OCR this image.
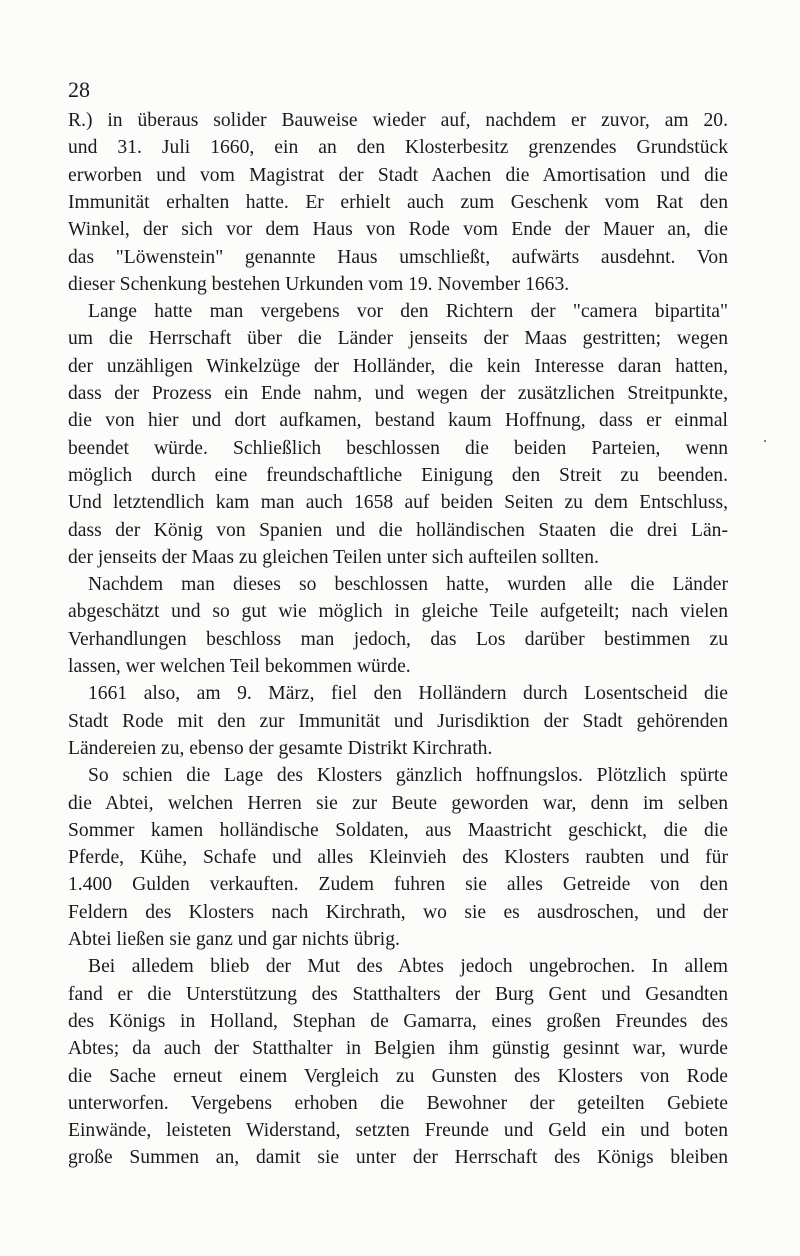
28
R.) in überaus solider Bauweise wieder auf, nachdem er zuvor, am 20.
und 31. Juli 1660, ein an den Klosterbesitz grenzendes Grundstück
erworben und vom Magistrat der Stadt Aachen die Amortisation und die
Immunität erhalten hatte. Er erhielt auch zum Geschenk vom Rat den
Winkel, der sich vor dem Haus von Rode vom Ende der Mauer an, die
das "Löwenstein" genannte Haus umschließt, aufwärts ausdehnt. Von
dieser Schenkung bestehen Urkunden vom 19. November 1663.
Lange hatte man vergebens vor den Richtern der "camera bipartita"
um die Herrschaft über die Länder jenseits der Maas gestritten; wegen
der unzähligen Winkelzüge der Holländer, die kein Interesse daran hatten,
dass der Prozess ein Ende nahm, und wegen der zusätzlichen Streitpunkte,
die von hier und dort aufkamen, bestand kaum Hoffnung, dass er einmal
beendet würde. Schließlich beschlossen die beiden Parteien, wenn
möglich durch eine freundschaftliche Einigung den Streit zu beenden.
Und letztendlich kam man auch 1658 auf beiden Seiten zu dem Entschluss,
dass der König von Spanien und die holländischen Staaten die drei Län-
der jenseits der Maas zu gleichen Teilen unter sich aufteilen sollten.
Nachdem man dieses so beschlossen hatte, wurden alle die Länder
abgeschätzt und so gut wie möglich in gleiche Teile aufgeteilt; nach vielen
Verhandlungen beschloss man jedoch, das Los darüber bestimmen zu
lassen, wer welchen Teil bekommen würde.
1661 also, am 9. März, fiel den Holländern durch Losentscheid die
Stadt Rode mit den zur Immunität und Jurisdiktion der Stadt gehörenden
Ländereien zu, ebenso der gesamte Distrikt Kirchrath.
So schien die Lage des Klosters gänzlich hoffnungslos. Plötzlich spürte
die Abtei, welchen Herren sie zur Beute geworden war, denn im selben
Sommer kamen holländische Soldaten, aus Maastricht geschickt, die die
Pferde, Kühe, Schafe und alles Kleinvieh des Klosters raubten und für
1.400 Gulden verkauften. Zudem fuhren sie alles Getreide von den
Feldern des Klosters nach Kirchrath, wo sie es ausdroschen, und der
Abtei ließen sie ganz und gar nichts übrig.
Bei alledem blieb der Mut des Abtes jedoch ungebrochen. In allem
fand er die Unterstützung des Statthalters der Burg Gent und Gesandten
des Königs in Holland, Stephan de Gamarra, eines großen Freundes des
Abtes; da auch der Statthalter in Belgien ihm günstig gesinnt war, wurde
die Sache erneut einem Vergleich zu Gunsten des Klosters von Rode
unterworfen. Vergebens erhoben die Bewohner der geteilten Gebiete
Einwände, leisteten Widerstand, setzten Freunde und Geld ein und boten
große Summen an, damit sie unter der Herrschaft des Königs bleiben
